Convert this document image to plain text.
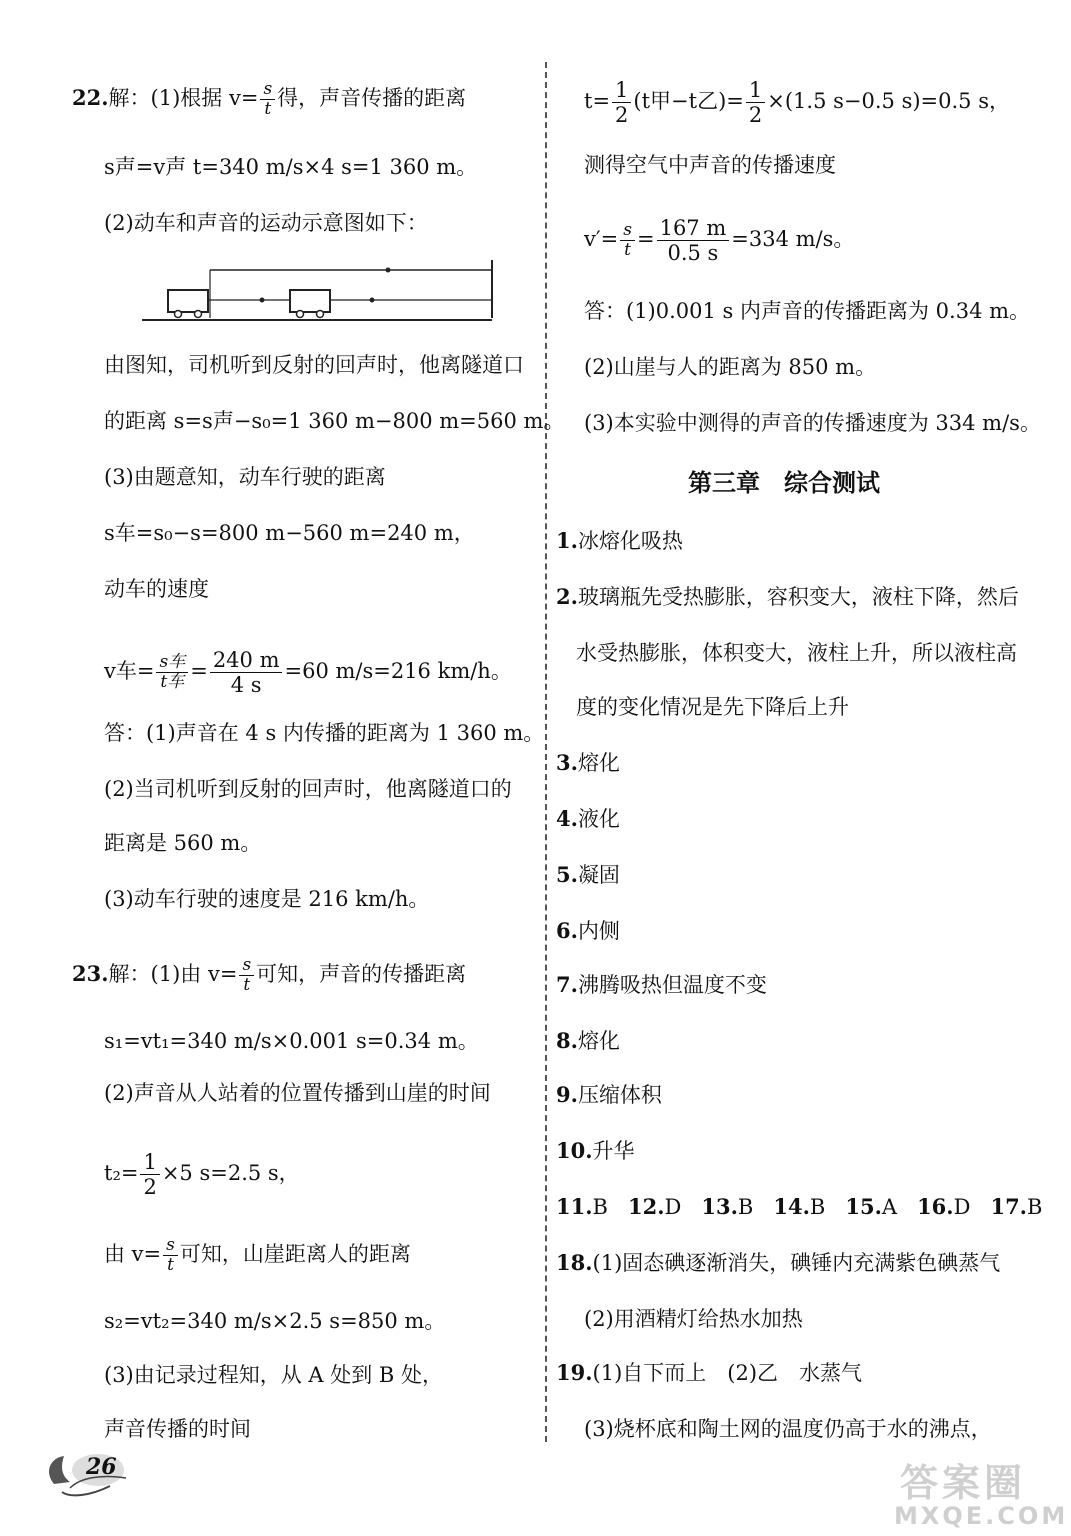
22.解：(1)根据 $v= \frac{s}{t}$ 得，声音传播的距离
s声=v声 t=340 m/s×4 s=1 360 m。
(2)动车和声音的运动示意图如下：
由图知，司机听到反射的回声时，他离隧道口
的距离 s=s声−s₀=1 360 m−800 m=560 m。
(3)由题意知，动车行驶的距离
s车=s₀−s=800 m−560 m=240 m，
动车的速度
v车= $\frac{\text{s车}}{\text{t车}} = \frac{240 m}{4 s} =60$ m/s=216 km/h。
答：(1)声音在 4 s 内传播的距离为 1 360 m。
(2)当司机听到反射的回声时，他离隧道口的
距离是 560 m。
(3)动车行驶的速度是 216 km/h。
23.解：(1)由 $v= \frac{s}{t}$ 可知，声音的传播距离
s₁=vt₁=340 m/s×0.001 s=0.34 m。
(2)声音从人站着的位置传播到山崖的时间
$t_2= \frac{1}{2} \times 5$ s=2.5 s，
由 $v= \frac{s}{t}$ 可知，山崖距离人的距离
s₂=vt₂=340 m/s×2.5 s=850 m。
(3)由记录过程知，从 A 处到 B 处，
声音传播的时间
$t= \frac{1}{2} (t$甲−t乙)= $\frac{1}{2} \times(1.5$ s−0.5 s)=0.5 s，
测得空气中声音的传播速度
$v'= \frac{s}{t} = \frac{167 m}{0.5 s} =334$ m/s。
答：(1)0.001 s 内声音的传播距离为 0.34 m。
(2)山崖与人的距离为 850 m。
(3)本实验中测得的声音的传播速度为 334 m/s。
第三章　综合测试
1.冰熔化吸热
2.玻璃瓶先受热膨胀，容积变大，液柱下降，然后
水受热膨胀，体积变大，液柱上升，所以液柱高
度的变化情况是先下降后上升
3.熔化
4.液化
5.凝固
6.内侧
7.沸腾吸热但温度不变
8.熔化
9.压缩体积
10.升华
11.B 12.D 13.B 14.B 15.A 16.D 17.B
18.(1)固态碘逐渐消失，碘锤内充满紫色碘蒸气
(2)用酒精灯给热水加热
19.(1)自下而上　(2)乙　水蒸气
(3)烧杯底和陶土网的温度仍高于水的沸点，
26	答案圈
MXQE.COM
